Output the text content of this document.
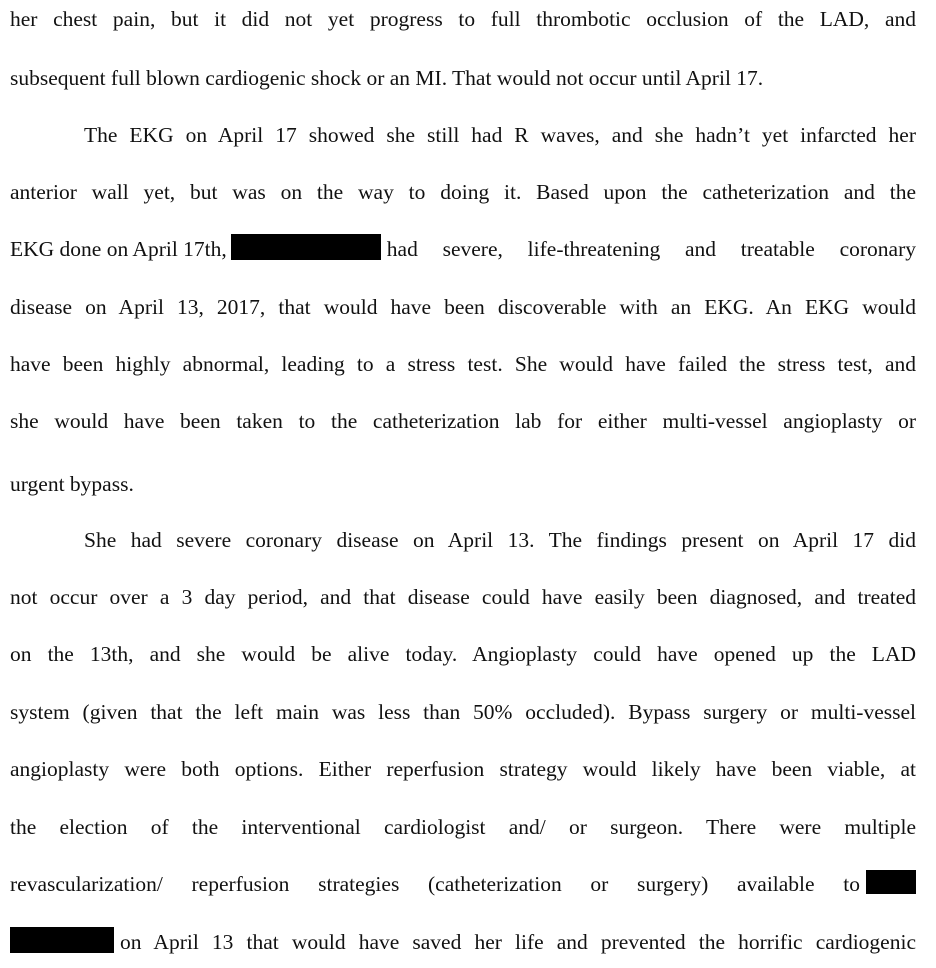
her chest pain, but it did not yet progress to full thrombotic occlusion of the LAD, and
subsequent full blown cardiogenic shock or an MI. That would not occur until April 17.
The EKG on April 17 showed she still had R waves, and she hadn’t yet infarcted her
anterior wall yet, but was on the way to doing it. Based upon the catheterization and the
EKG done on April 17th,	had severe, life-threatening and treatable coronary
disease on April 13, 2017, that would have been discoverable with an EKG. An EKG would
have been highly abnormal, leading to a stress test. She would have failed the stress test, and
she would have been taken to the catheterization lab for either multi-vessel angioplasty or
urgent bypass.
She had severe coronary disease on April 13. The findings present on April 17 did
not occur over a 3 day period, and that disease could have easily been diagnosed, and treated
on the 13th, and she would be alive today. Angioplasty could have opened up the LAD
system (given that the left main was less than 50% occluded). Bypass surgery or multi-vessel
angioplasty were both options. Either reperfusion strategy would likely have been viable, at
the election of the interventional cardiologist and/ or surgeon. There were multiple
revascularization/ reperfusion strategies (catheterization or surgery) available to
on April 13 that would have saved her life and prevented the horrific cardiogenic
